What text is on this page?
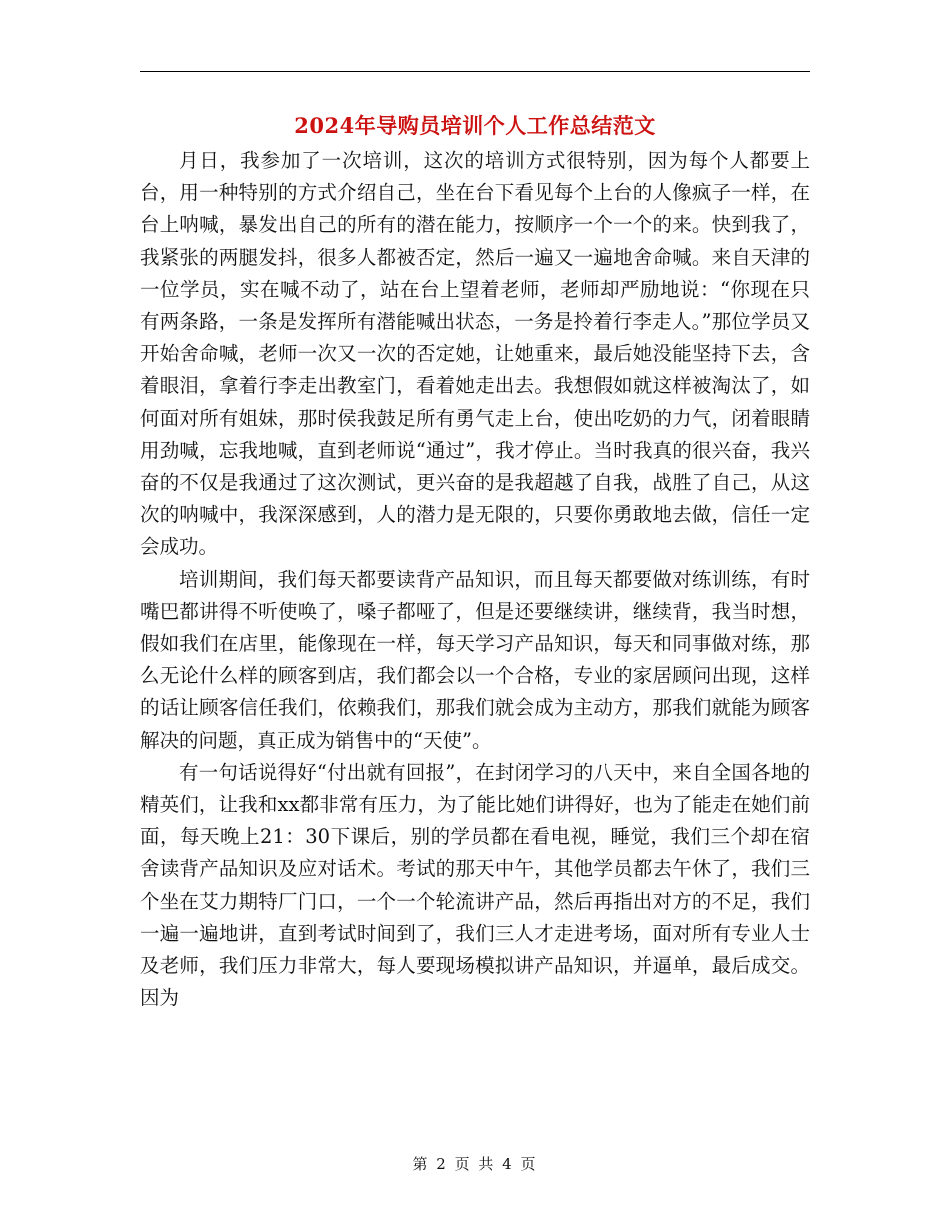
2024年导购员培训个人工作总结范文

月日，我参加了一次培训，这次的培训方式很特别，因为每个人都要上台，用一种特别的方式介绍自己，坐在台下看见每个上台的人像疯子一样，在台上呐喊，暴发出自己的所有的潜在能力，按顺序一个一个的来。快到我了，我紧张的两腿发抖，很多人都被否定，然后一遍又一遍地舍命喊。来自天津的一位学员，实在喊不动了，站在台上望着老师，老师却严励地说：“你现在只有两条路，一条是发挥所有潜能喊出状态，一务是拎着行李走人。”那位学员又开始舍命喊，老师一次又一次的否定她，让她重来，最后她没能坚持下去，含着眼泪，拿着行李走出教室门，看着她走出去。我想假如就这样被淘汰了，如何面对所有姐妹，那时侯我鼓足所有勇气走上台，使出吃奶的力气，闭着眼睛用劲喊，忘我地喊，直到老师说“通过”，我才停止。当时我真的很兴奋，我兴奋的不仅是我通过了这次测试，更兴奋的是我超越了自我，战胜了自己，从这次的呐喊中，我深深感到，人的潜力是无限的，只要你勇敢地去做，信任一定会成功。

培训期间，我们每天都要读背产品知识，而且每天都要做对练训练，有时嘴巴都讲得不听使唤了，嗓子都哑了，但是还要继续讲，继续背，我当时想，假如我们在店里，能像现在一样，每天学习产品知识，每天和同事做对练，那么无论什么样的顾客到店，我们都会以一个合格，专业的家居顾问出现，这样的话让顾客信任我们，依赖我们，那我们就会成为主动方，那我们就能为顾客解决的问题，真正成为销售中的“天使”。

有一句话说得好“付出就有回报”，在封闭学习的八天中，来自全国各地的精英们，让我和xx都非常有压力，为了能比她们讲得好，也为了能走在她们前面，每天晚上21：30下课后，别的学员都在看电视，睡觉，我们三个却在宿舍读背产品知识及应对话术。考试的那天中午，其他学员都去午休了，我们三个坐在艾力期特厂门口，一个一个轮流讲产品，然后再指出对方的不足，我们一遍一遍地讲，直到考试时间到了，我们三人才走进考场，面对所有专业人士及老师，我们压力非常大，每人要现场模拟讲产品知识，并逼单，最后成交。因为

第 2 页 共 4 页
